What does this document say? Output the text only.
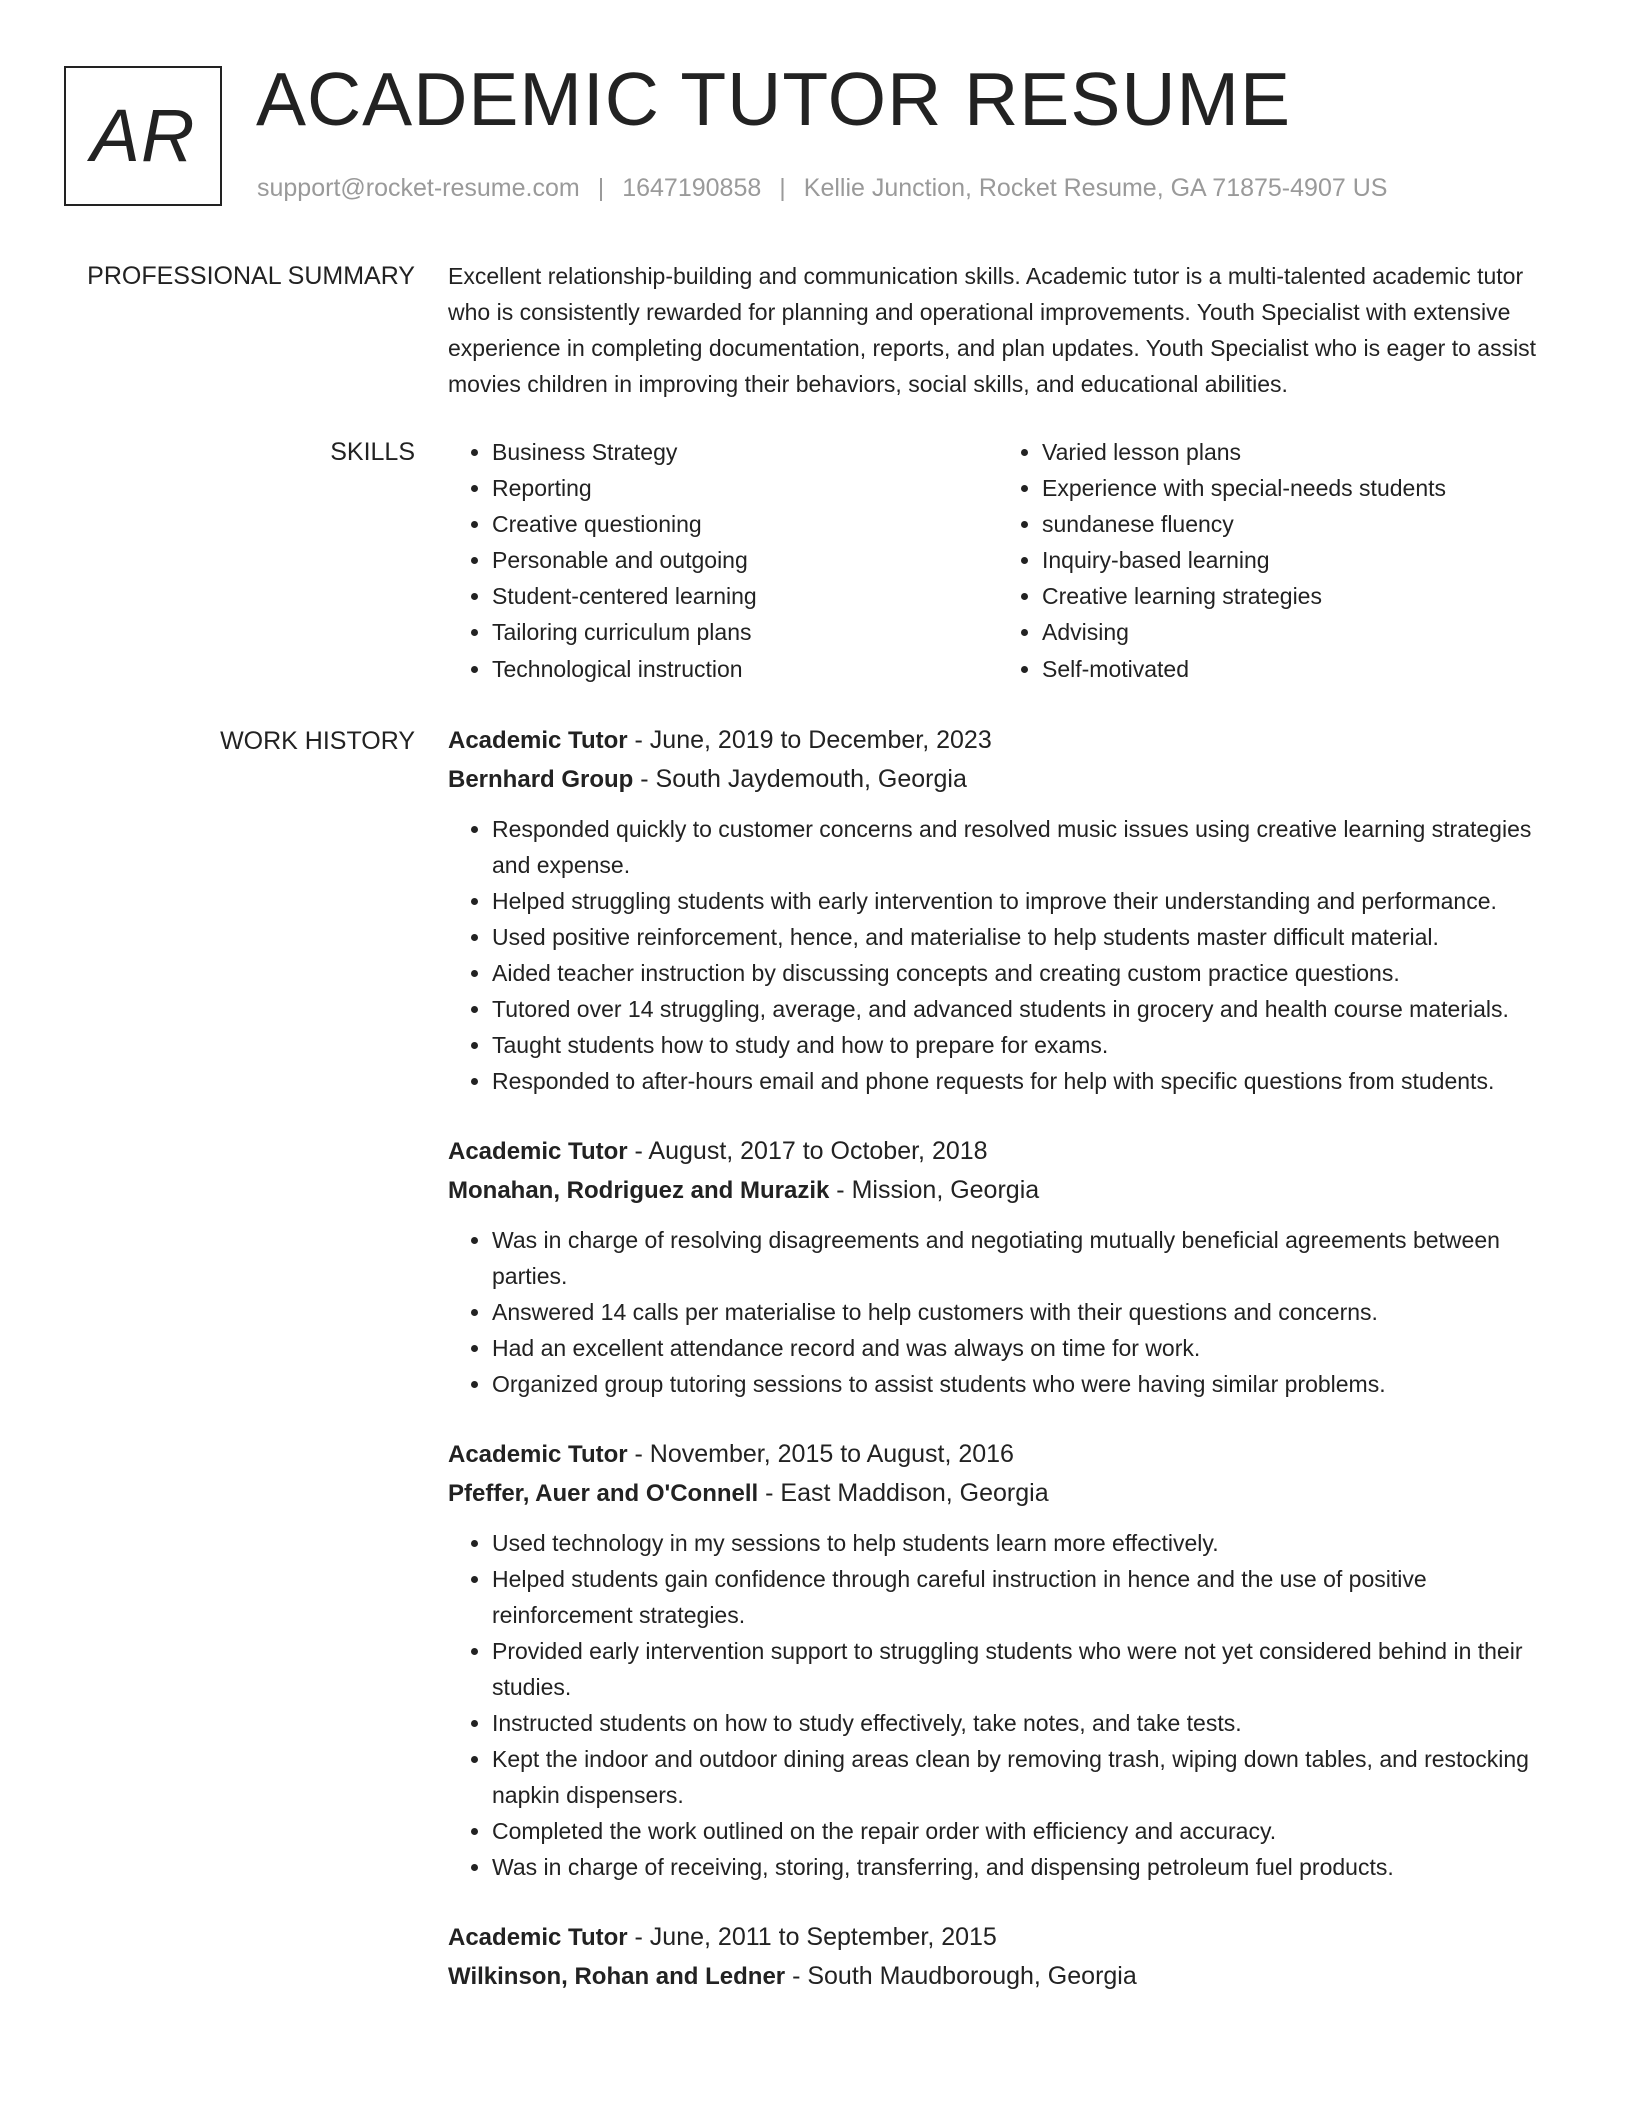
AR ACADEMIC TUTOR RESUME
support@rocket-resume.com | 1647190858 | Kellie Junction, Rocket Resume, GA 71875-4907 US
PROFESSIONAL SUMMARY Excellent relationship-building and communication skills. Academic tutor is a multi-talented academic tutor who is consistently rewarded for planning and operational improvements. Youth Specialist with extensive experience in completing documentation, reports, and plan updates. Youth Specialist who is eager to assist movies children in improving their behaviors, social skills, and educational abilities.

SKILLS
•	Business Strategy
• Reporting
• Creative questioning
• Personable and outgoing
• Student-centered learning
• Tailoring curriculum plans
• Technological instruction
• Varied lesson plans
• Experience with special-needs students
• sundanese fluency
• Inquiry-based learning
• Creative learning strategies
• Advising
• Self-motivated
WORK HISTORY Academic Tutor - June, 2019 to December, 2023
Bernhard Group - South Jaydemouth, Georgia
• Responded quickly to customer concerns and resolved music issues using creative learning strategies and expense.
• Helped struggling students with early intervention to improve their understanding and performance.
• Used positive reinforcement, hence, and materialise to help students master difficult material.
• Aided teacher instruction by discussing concepts and creating custom practice questions.
• Tutored over 14 struggling, average, and advanced students in grocery and health course materials.
• Taught students how to study and how to prepare for exams.
• Responded to after-hours email and phone requests for help with specific questions from students.
Academic Tutor - August, 2017 to October, 2018
Monahan, Rodriguez and Murazik - Mission, Georgia
• Was in charge of resolving disagreements and negotiating mutually beneficial agreements between parties.
• Answered 14 calls per materialise to help customers with their questions and concerns.
• Had an excellent attendance record and was always on time for work.
• Organized group tutoring sessions to assist students who were having similar problems.
Academic Tutor - November, 2015 to August, 2016
Pfeffer, Auer and O'Connell - East Maddison, Georgia
• Used technology in my sessions to help students learn more effectively.
• Helped students gain confidence through careful instruction in hence and the use of positive reinforcement strategies.
• Provided early intervention support to struggling students who were not yet considered behind in their studies.
• Instructed students on how to study effectively, take notes, and take tests.
• Kept the indoor and outdoor dining areas clean by removing trash, wiping down tables, and restocking napkin dispensers.
• Completed the work outlined on the repair order with efficiency and accuracy.
• Was in charge of receiving, storing, transferring, and dispensing petroleum fuel products.
Academic Tutor - June, 2011 to September, 2015
Wilkinson, Rohan and Ledner - South Maudborough, Georgia
